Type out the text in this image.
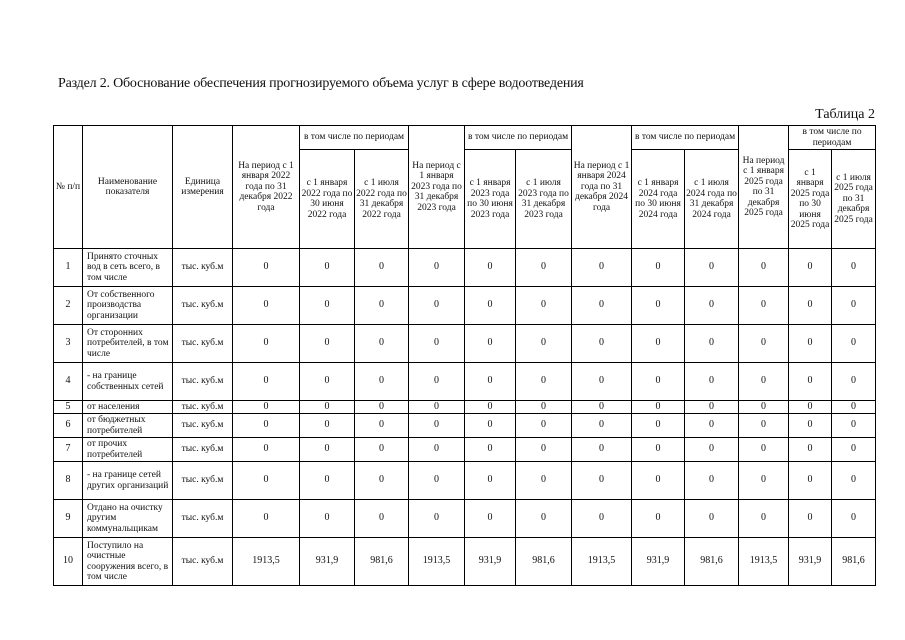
Раздел 2. Обоснование обеспечения прогнозируемого объема услуг в сфере водоотведения
Таблица 2
№ п/п	Наименование показателя	Единица измерения	На период с 1 января 2022 года по 31 декабря 2022 года	в том числе по периодам		На период с 1 января 2023 года по 31 декабря 2023 года	в том числе по периодам		На период с 1 января 2024 года по 31 декабря 2024 года	в том числе по периодам		На период с 1 января 2025 года по 31 декабря 2025 года	в том числе по периодам	
				с 1 января 2022 года по 30 июня 2022 года	с 1 июля 2022 года по 31 декабря 2022 года		с 1 января 2023 года по 30 июня 2023 года	с 1 июля 2023 года по 31 декабря 2023 года		с 1 января 2024 года по 30 июня 2024 года	с 1 июля 2024 года по 31 декабря 2024 года		с 1 января 2025 года по 30 июня 2025 года	с 1 июля 2025 года по 31 декабря 2025 года
1	Принято сточных вод в сеть всего, в том числе	тыс. куб.м	0	0	0	0	0	0	0	0	0	0	0	0
2	От собственного производства организации	тыс. куб.м	0	0	0	0	0	0	0	0	0	0	0	0
3	От сторонних потребителей, в том числе	тыс. куб.м	0	0	0	0	0	0	0	0	0	0	0	0
4	- на границе собственных сетей	тыс. куб.м	0	0	0	0	0	0	0	0	0	0	0	0
5	от населения	тыс. куб.м	0	0	0	0	0	0	0	0	0	0	0	0
6	от бюджетных потребителей	тыс. куб.м	0	0	0	0	0	0	0	0	0	0	0	0
7	от прочих потребителей	тыс. куб.м	0	0	0	0	0	0	0	0	0	0	0	0
8	- на границе сетей других организаций	тыс. куб.м	0	0	0	0	0	0	0	0	0	0	0	0
9	Отдано на очистку другим коммунальщикам	тыс. куб.м	0	0	0	0	0	0	0	0	0	0	0	0
10	Поступило на очистные сооружения всего, в том числе	тыс. куб.м	1913,5	931,9	981,6	1913,5	931,9	981,6	1913,5	931,9	981,6	1913,5	931,9	981,6
